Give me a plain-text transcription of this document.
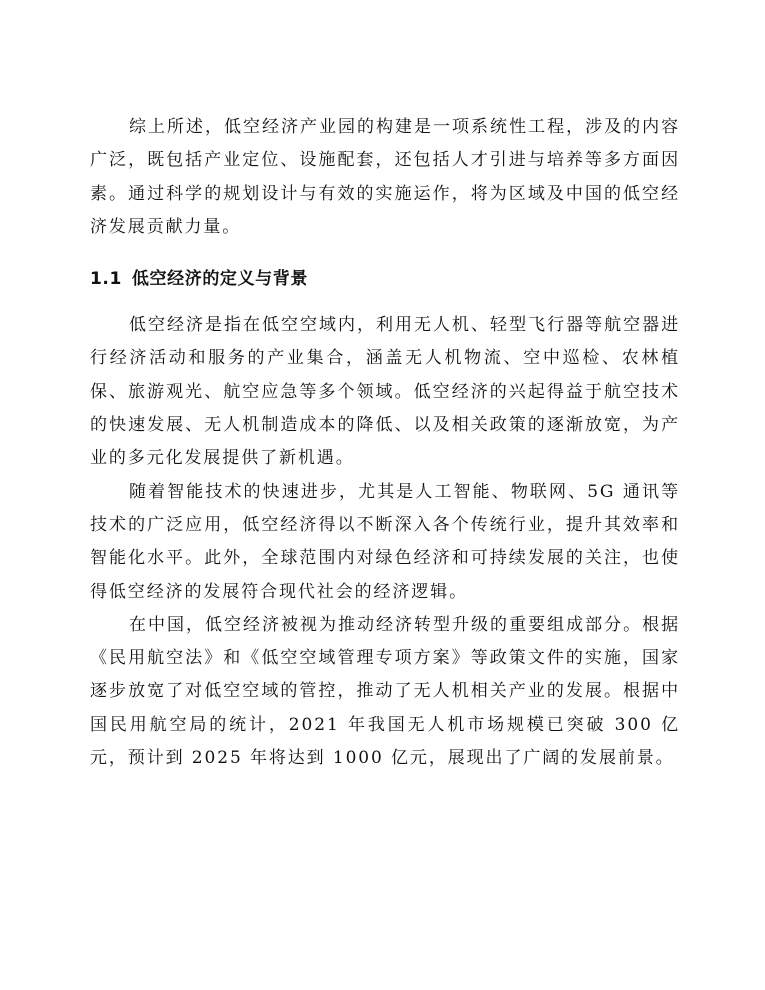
综上所述，低空经济产业园的构建是一项系统性工程，涉及的内容广泛，既包括产业定位、设施配套，还包括人才引进与培养等多方面因素。通过科学的规划设计与有效的实施运作，将为区域及中国的低空经济发展贡献力量。

1.1 低空经济的定义与背景

低空经济是指在低空空域内，利用无人机、轻型飞行器等航空器进行经济活动和服务的产业集合，涵盖无人机物流、空中巡检、农林植保、旅游观光、航空应急等多个领域。低空经济的兴起得益于航空技术的快速发展、无人机制造成本的降低、以及相关政策的逐渐放宽，为产业的多元化发展提供了新机遇。

随着智能技术的快速进步，尤其是人工智能、物联网、5G 通讯等技术的广泛应用，低空经济得以不断深入各个传统行业，提升其效率和智能化水平。此外，全球范围内对绿色经济和可持续发展的关注，也使得低空经济的发展符合现代社会的经济逻辑。

在中国，低空经济被视为推动经济转型升级的重要组成部分。根据《民用航空法》和《低空空域管理专项方案》等政策文件的实施，国家逐步放宽了对低空空域的管控，推动了无人机相关产业的发展。根据中国民用航空局的统计，2021 年我国无人机市场规模已突破 300 亿元，预计到 2025 年将达到 1000 亿元，展现出了广阔的发展前景。
